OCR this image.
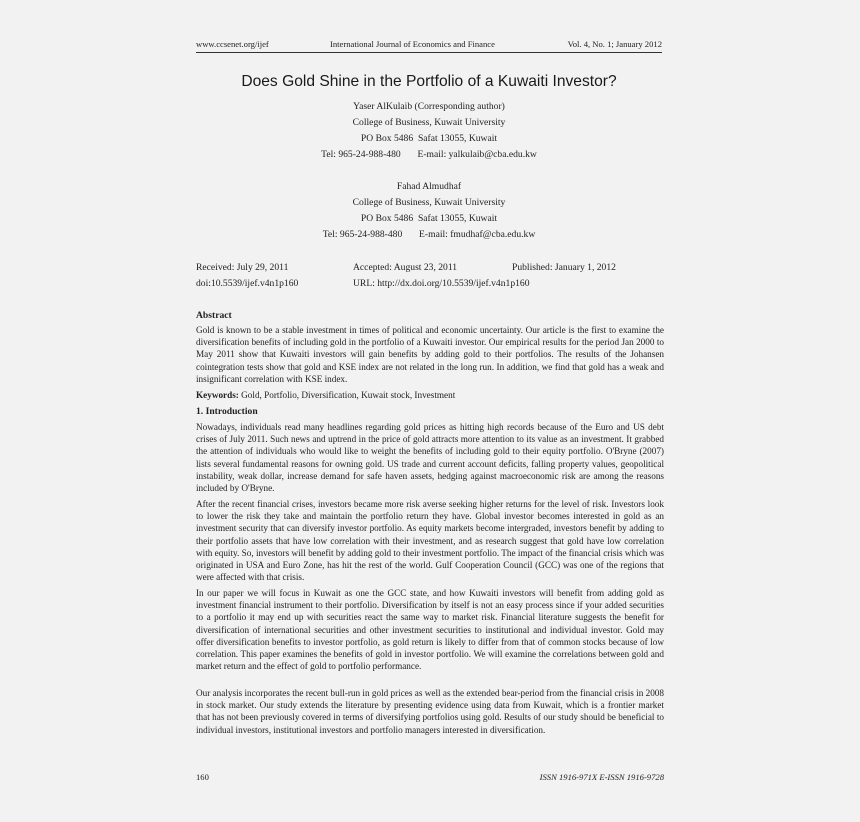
www.ccsenet.org/ijef	International Journal of Economics and Finance	Vol. 4, No. 1; January 2012
Does Gold Shine in the Portfolio of a Kuwaiti Investor?
Yaser AlKulaib (Corresponding author)
College of Business, Kuwait University
PO Box 5486  Safat 13055, Kuwait
Tel: 965-24-988-480       E-mail: yalkulaib@cba.edu.kw
Fahad Almudhaf
College of Business, Kuwait University
PO Box 5486  Safat 13055, Kuwait
Tel: 965-24-988-480       E-mail: fmudhaf@cba.edu.kw
Received: July 29, 2011	Accepted: August 23, 2011	Published: January 1, 2012
doi:10.5539/ijef.v4n1p160	URL: http://dx.doi.org/10.5539/ijef.v4n1p160
Abstract
Gold is known to be a stable investment in times of political and economic uncertainty. Our article is the first to examine the diversification benefits of including gold in the portfolio of a Kuwaiti investor. Our empirical results for the period Jan 2000 to May 2011 show that Kuwaiti investors will gain benefits by adding gold to their portfolios. The results of the Johansen cointegration tests show that gold and KSE index are not related in the long run. In addition, we find that gold has a weak and insignificant correlation with KSE index.
Keywords: Gold, Portfolio, Diversification, Kuwait stock, Investment
1. Introduction
Nowadays, individuals read many headlines regarding gold prices as hitting high records because of the Euro and US debt crises of July 2011. Such news and uptrend in the price of gold attracts more attention to its value as an investment. It grabbed the attention of individuals who would like to weight the benefits of including gold to their equity portfolio. O'Bryne (2007) lists several fundamental reasons for owning gold. US trade and current account deficits, falling property values, geopolitical instability, weak dollar, increase demand for safe haven assets, hedging against macroeconomic risk are among the reasons included by O'Bryne.
After the recent financial crises, investors became more risk averse seeking higher returns for the level of risk. Investors look to lower the risk they take and maintain the portfolio return they have. Global investor becomes interested in gold as an investment security that can diversify investor portfolio. As equity markets become intergraded, investors benefit by adding to their portfolio assets that have low correlation with their investment, and as research suggest that gold have low correlation with equity. So, investors will benefit by adding gold to their investment portfolio. The impact of the financial crisis which was originated in USA and Euro Zone, has hit the rest of the world. Gulf Cooperation Council (GCC) was one of the regions that were affected with that crisis.
In our paper we will focus in Kuwait as one the GCC state, and how Kuwaiti investors will benefit from adding gold as investment financial instrument to their portfolio. Diversification by itself is not an easy process since if your added securities to a portfolio it may end up with securities react the same way to market risk. Financial literature suggests the benefit for diversification of international securities and other investment securities to institutional and individual investor. Gold may offer diversification benefits to investor portfolio, as gold return is likely to differ from that of common stocks because of low correlation. This paper examines the benefits of gold in investor portfolio. We will examine the correlations between gold and market return and the effect of gold to portfolio performance.
Our analysis incorporates the recent bull-run in gold prices as well as the extended bear-period from the financial crisis in 2008 in stock market. Our study extends the literature by presenting evidence using data from Kuwait, which is a frontier market that has not been previously covered in terms of diversifying portfolios using gold. Results of our study should be beneficial to individual investors, institutional investors and portfolio managers interested in diversification.
160	ISSN 1916-971X E-ISSN 1916-9728
